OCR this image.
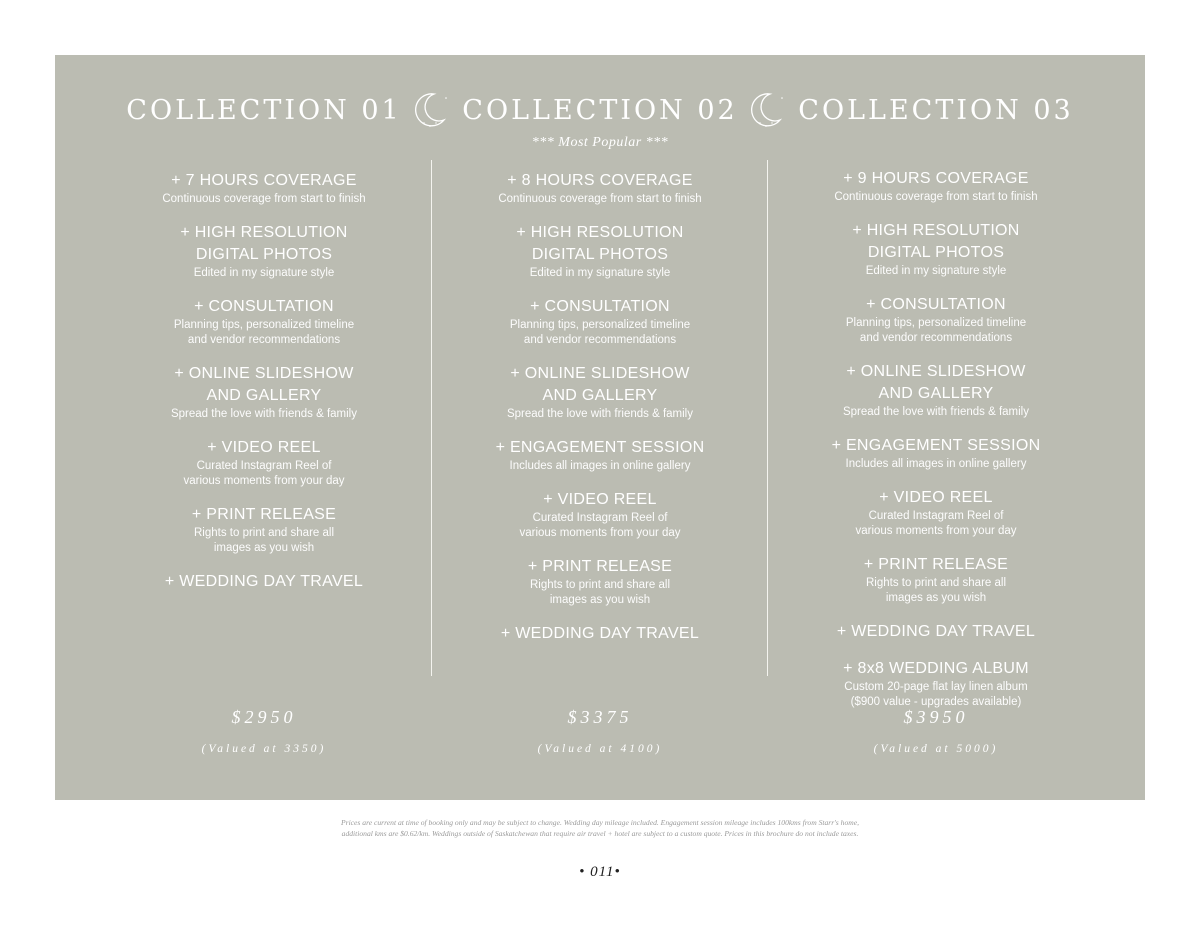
COLLECTION 01
+ 7 HOURS COVERAGE
Continuous coverage from start to finish
+ HIGH RESOLUTION
DIGITAL PHOTOS
Edited in my signature style
+ CONSULTATION
Planning tips, personalized timeline
and vendor recommendations
+ ONLINE SLIDESHOW
AND GALLERY
Spread the love with friends & family
+ VIDEO REEL
Curated Instagram Reel of
various moments from your day
+ PRINT RELEASE
Rights to print and share all
images as you wish
+ WEDDING DAY TRAVEL
$2950
(Valued at 3350)
COLLECTION 02
*** Most Popular ***
+ 8 HOURS COVERAGE
Continuous coverage from start to finish
+ HIGH RESOLUTION
DIGITAL PHOTOS
Edited in my signature style
+ CONSULTATION
Planning tips, personalized timeline
and vendor recommendations
+ ONLINE SLIDESHOW
AND GALLERY
Spread the love with friends & family
+ ENGAGEMENT SESSION
Includes all images in online gallery
+ VIDEO REEL
Curated Instagram Reel of
various moments from your day
+ PRINT RELEASE
Rights to print and share all
images as you wish
+ WEDDING DAY TRAVEL
$3375
(Valued at 4100)
COLLECTION 03
+ 9 HOURS COVERAGE
Continuous coverage from start to finish
+ HIGH RESOLUTION
DIGITAL PHOTOS
Edited in my signature style
+ CONSULTATION
Planning tips, personalized timeline
and vendor recommendations
+ ONLINE SLIDESHOW
AND GALLERY
Spread the love with friends & family
+ ENGAGEMENT SESSION
Includes all images in online gallery
+ VIDEO REEL
Curated Instagram Reel of
various moments from your day
+ PRINT RELEASE
Rights to print and share all
images as you wish
+ WEDDING DAY TRAVEL
+ 8x8 WEDDING ALBUM
Custom 20-page flat lay linen album
($900 value - upgrades available)
$3950
(Valued at 5000)
Prices are current at time of booking only and may be subject to change. Wedding day mileage included. Engagement session mileage includes 100kms from Starr's home,
additional kms are $0.62/km. Weddings outside of Saskatchewan that require air travel + hotel are subject to a custom quote. Prices in this brochure do not include taxes.
• 011•
